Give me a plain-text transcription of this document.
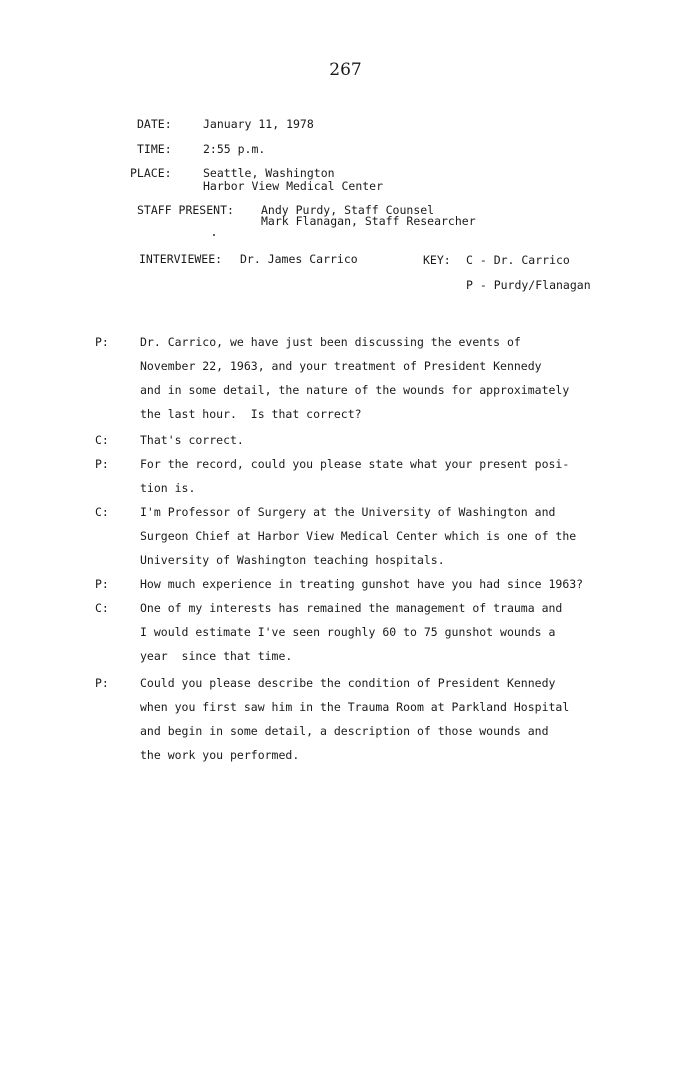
267
DATE:	January 11, 1978
TIME:	2:55 p.m.
PLACE:	Seattle, Washington
Harbor View Medical Center
STAFF PRESENT: Andy Purdy, Staff Counsel
Mark Flanagan, Staff Researcher
INTERVIEWEE: Dr. James Carrico	KEY: C - Dr. Carrico
P - Purdy/Flanagan
P:	Dr. Carrico, we have just been discussing the events of
November 22, 1963, and your treatment of President Kennedy
and in some detail, the nature of the wounds for approximately
the last hour.  Is that correct?
C:	That's correct.
P:	For the record, could you please state what your present posi-
tion is.
C:	I'm Professor of Surgery at the University of Washington and
Surgeon Chief at Harbor View Medical Center which is one of the
University of Washington teaching hospitals.
P:	How much experience in treating gunshot have you had since 1963?
C:	One of my interests has remained the management of trauma and
I would estimate I've seen roughly 60 to 75 gunshot wounds a
year  since that time.
P:	Could you please describe the condition of President Kennedy
when you first saw him in the Trauma Room at Parkland Hospital
and begin in some detail, a description of those wounds and
the work you performed.
